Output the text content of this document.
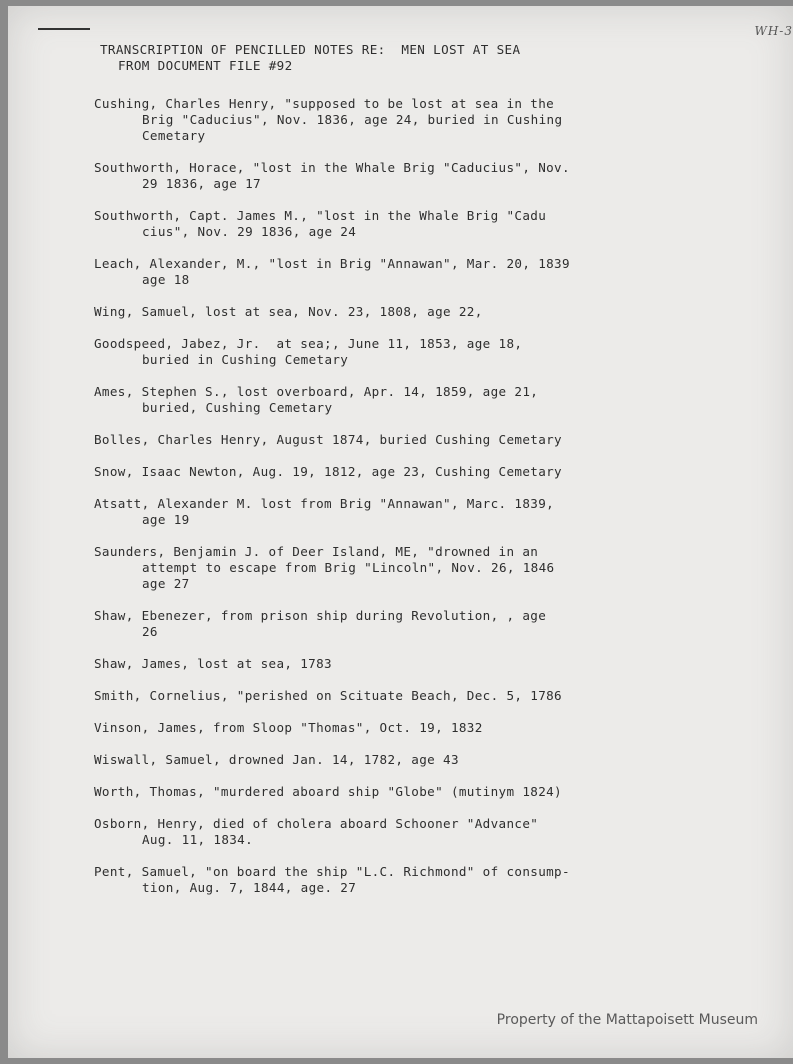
WH-3
TRANSCRIPTION OF PENCILLED NOTES RE:  MEN LOST AT SEA
FROM DOCUMENT FILE #92
Cushing, Charles Henry, "supposed to be lost at sea in the
Brig "Caducius", Nov. 1836, age 24, buried in Cushing
Cemetary
Southworth, Horace, "lost in the Whale Brig "Caducius", Nov.
29 1836, age 17
Southworth, Capt. James M., "lost in the Whale Brig "Cadu
cius", Nov. 29 1836, age 24
Leach, Alexander, M., "lost in Brig "Annawan", Mar. 20, 1839
age 18
Wing, Samuel, lost at sea, Nov. 23, 1808, age 22,
Goodspeed, Jabez, Jr.  at sea;, June 11, 1853, age 18,
buried in Cushing Cemetary
Ames, Stephen S., lost overboard, Apr. 14, 1859, age 21,
buried, Cushing Cemetary
Bolles, Charles Henry, August 1874, buried Cushing Cemetary
Snow, Isaac Newton, Aug. 19, 1812, age 23, Cushing Cemetary
Atsatt, Alexander M. lost from Brig "Annawan", Marc. 1839,
age 19
Saunders, Benjamin J. of Deer Island, ME, "drowned in an
attempt to escape from Brig "Lincoln", Nov. 26, 1846
age 27
Shaw, Ebenezer, from prison ship during Revolution, , age
26
Shaw, James, lost at sea, 1783
Smith, Cornelius, "perished on Scituate Beach, Dec. 5, 1786
Vinson, James, from Sloop "Thomas", Oct. 19, 1832
Wiswall, Samuel, drowned Jan. 14, 1782, age 43
Worth, Thomas, "murdered aboard ship "Globe" (mutinym 1824)
Osborn, Henry, died of cholera aboard Schooner "Advance"
Aug. 11, 1834.
Pent, Samuel, "on board the ship "L.C. Richmond" of consump-
tion, Aug. 7, 1844, age. 27
Property of the Mattapoisett Museum
